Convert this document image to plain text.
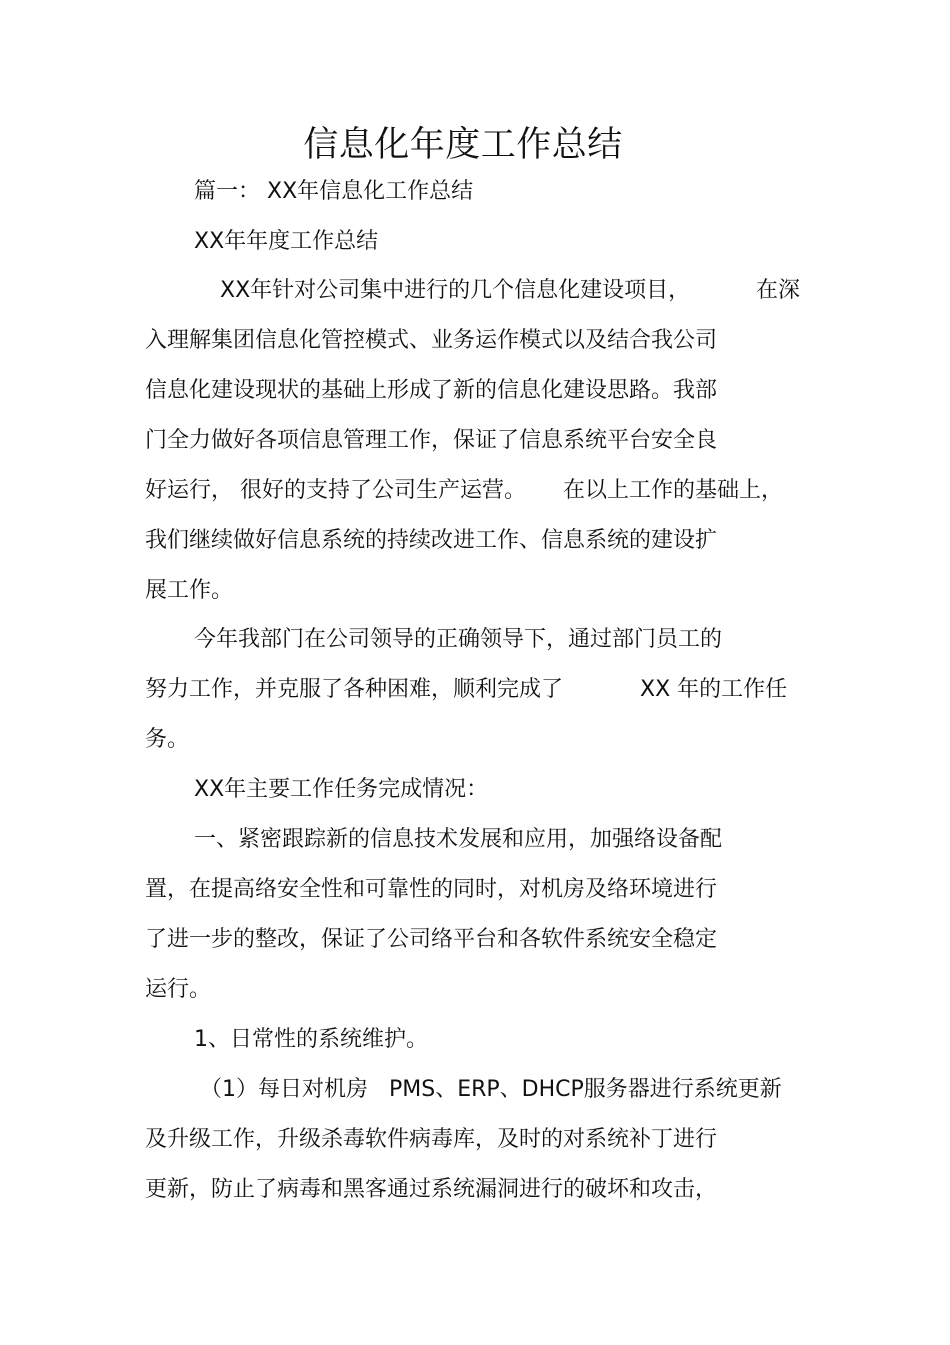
信息化年度工作总结
篇一： XX年信息化工作总结
XX年年度工作总结
XX年针对公司集中进行的几个信息化建设项目，	在深
入理解集团信息化管控模式、业务运作模式以及结合我公司
信息化建设现状的基础上形成了新的信息化建设思路。我部
门全力做好各项信息管理工作，保证了信息系统平台安全良
好运行， 很好的支持了公司生产运营。 在以上工作的基础上，
我们继续做好信息系统的持续改进工作、信息系统的建设扩
展工作。
今年我部门在公司领导的正确领导下，通过部门员工的
努力工作，并克服了各种困难，顺利完成了	XX 年的工作任
务。
XX年主要工作任务完成情况：
一、紧密跟踪新的信息技术发展和应用，加强络设备配
置，在提高络安全性和可靠性的同时，对机房及络环境进行
了进一步的整改，保证了公司络平台和各软件系统安全稳定
运行。
1、日常性的系统维护。
（1）每日对机房 PMS、ERP、DHCP服务器进行系统更新
及升级工作，升级杀毒软件病毒库，及时的对系统补丁进行
更新，防止了病毒和黑客通过系统漏洞进行的破坏和攻击，
